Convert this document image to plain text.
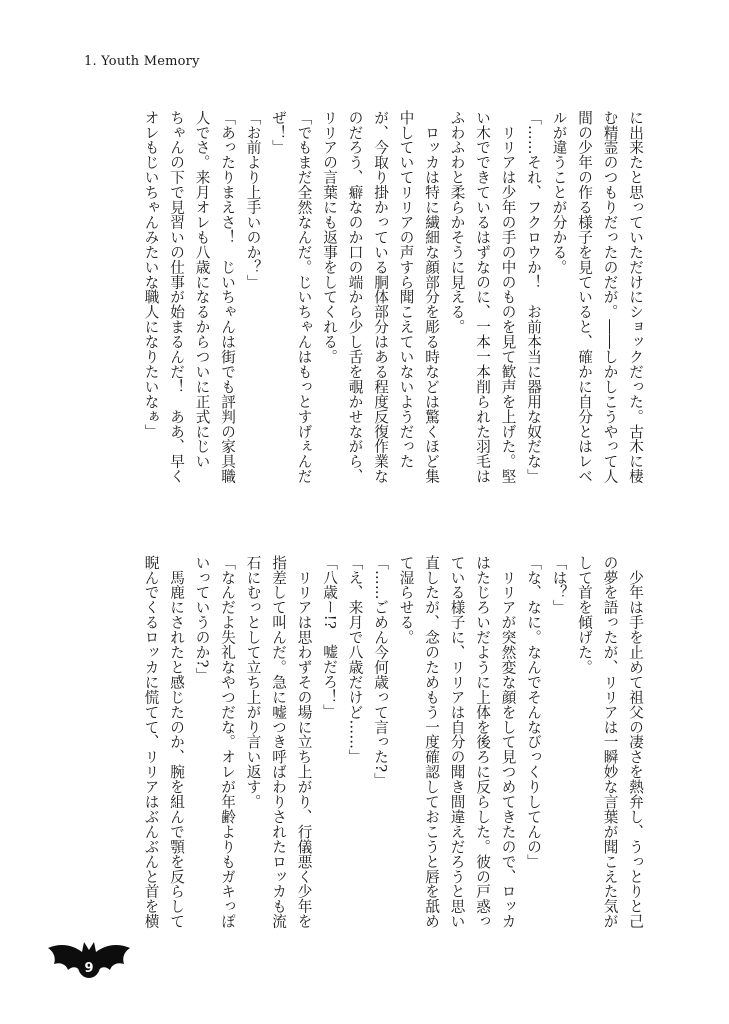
1. Youth Memory
に出来たと思っていただけにショックだった。古木に棲
む精霊のつもりだったのだが。――しかしこうやって人
間の少年の作る様子を見ていると、確かに自分とはレベ
ルが違うことが分かる。
「……それ、フクロウか！　お前本当に器用な奴だな」
　リリアは少年の手の中のものを見て歓声を上げた。堅
い木でできているはずなのに、一本一本削られた羽毛は
ふわふわと柔らかそうに見える。
　ロッカは特に繊細な顔部分を彫る時などは驚くほど集
中していてリリアの声すら聞こえていないようだった
が、今取り掛かっている胴体部分はある程度反復作業な
のだろう、癖なのか口の端から少し舌を覗かせながら、
リリアの言葉にも返事をしてくれる。
「でもまだ全然なんだ。じいちゃんはもっとすげぇんだ
ぜ！」
「お前より上手いのか？」
「あったりまえさ！　じいちゃんは街でも評判の家具職
人でさ。来月オレも八歳になるからついに正式にじい
ちゃんの下で見習いの仕事が始まるんだ！　ああ、早く
オレもじいちゃんみたいな職人になりたいなぁ」
　少年は手を止めて祖父の凄さを熱弁し、うっとりと己
の夢を語ったが、リリアは一瞬妙な言葉が聞こえた気が
して首を傾げた。
「は？」
「な、なに。なんでそんなびっくりしてんの」
　リリアが突然変な顔をして見つめてきたので、ロッカ
はたじろいだように上体を後ろに反らした。彼の戸惑っ
ている様子に、リリアは自分の聞き間違えだろうと思い
直したが、念のためもう一度確認しておこうと唇を舐め
て湿らせる。
「……ごめん今何歳って言った?」
「え、来月で八歳だけど……」
「八歳ー!?　嘘だろ！」
　リリアは思わずその場に立ち上がり、行儀悪く少年を
指差して叫んだ。急に嘘つき呼ばわりされたロッカも流
石にむっとして立ち上がり言い返す。
「なんだよ失礼なやつだな。オレが年齢よりもガキっぽ
いっていうのか?」
　馬鹿にされたと感じたのか、腕を組んで顎を反らして
睨んでくるロッカに慌てて、リリアはぶんぶんと首を横
9
